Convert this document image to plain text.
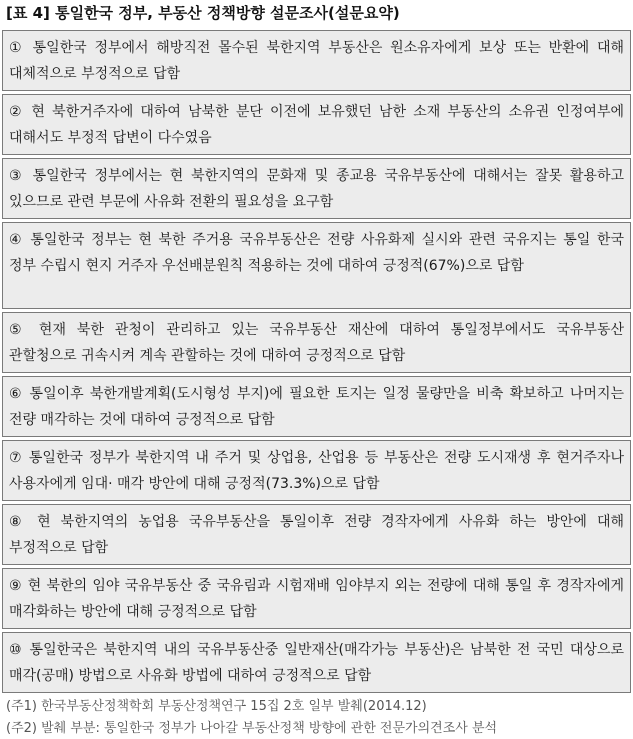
[표 4] 통일한국 정부, 부동산 정책방향 설문조사(설문요약)
① 통일한국 정부에서 해방직전 몰수된 북한지역 부동산은 원소유자에게 보상 또는 반환에 대해 대체적으로 부정적으로 답함
② 현 북한거주자에 대하여 남북한 분단 이전에 보유했던 남한 소재 부동산의 소유권 인정여부에 대해서도 부정적 답변이 다수였음
③ 통일한국 정부에서는 현 북한지역의 문화재 및 종교용 국유부동산에 대해서는 잘못 활용하고 있으므로 관련 부문에 사유화 전환의 필요성을 요구함
④ 통일한국 정부는 현 북한 주거용 국유부동산은 전량 사유화제 실시와 관련 국유지는 통일 한국 정부 수립시 현지 거주자 우선배분원칙 적용하는 것에 대하여 긍정적(67%)으로 답함
⑤ 현재 북한 관청이 관리하고 있는 국유부동산 재산에 대하여 통일정부에서도 국유부동산 관할청으로 귀속시켜 계속 관할하는 것에 대하여 긍정적으로 답함
⑥ 통일이후 북한개발계획(도시형성 부지)에 필요한 토지는 일정 물량만을 비축 확보하고 나머지는 전량 매각하는 것에 대하여 긍정적으로 답함
⑦ 통일한국 정부가 북한지역 내 주거 및 상업용, 산업용 등 부동산은 전량 도시재생 후 현거주자나 사용자에게 임대· 매각 방안에 대해 긍정적(73.3%)으로 답함
⑧ 현 북한지역의 농업용 국유부동산을 통일이후 전량 경작자에게 사유화 하는 방안에 대해 부정적으로 답함
⑨ 현 북한의 임야 국유부동산 중 국유림과 시험재배 임야부지 외는 전량에 대해 통일 후 경작자에게 매각화하는 방안에 대해 긍정적으로 답함
⑩ 통일한국은 북한지역 내의 국유부동산중 일반재산(매각가능 부동산)은 남북한 전 국민 대상으로 매각(공매) 방법으로 사유화 방법에 대하여 긍정적으로 답함
(주1) 한국부동산정책학회 부동산정책연구 15집 2호 일부 발췌(2014.12)
(주2) 발췌 부분: 통일한국 정부가 나아갈 부동산정책 방향에 관한 전문가의견조사 분석
